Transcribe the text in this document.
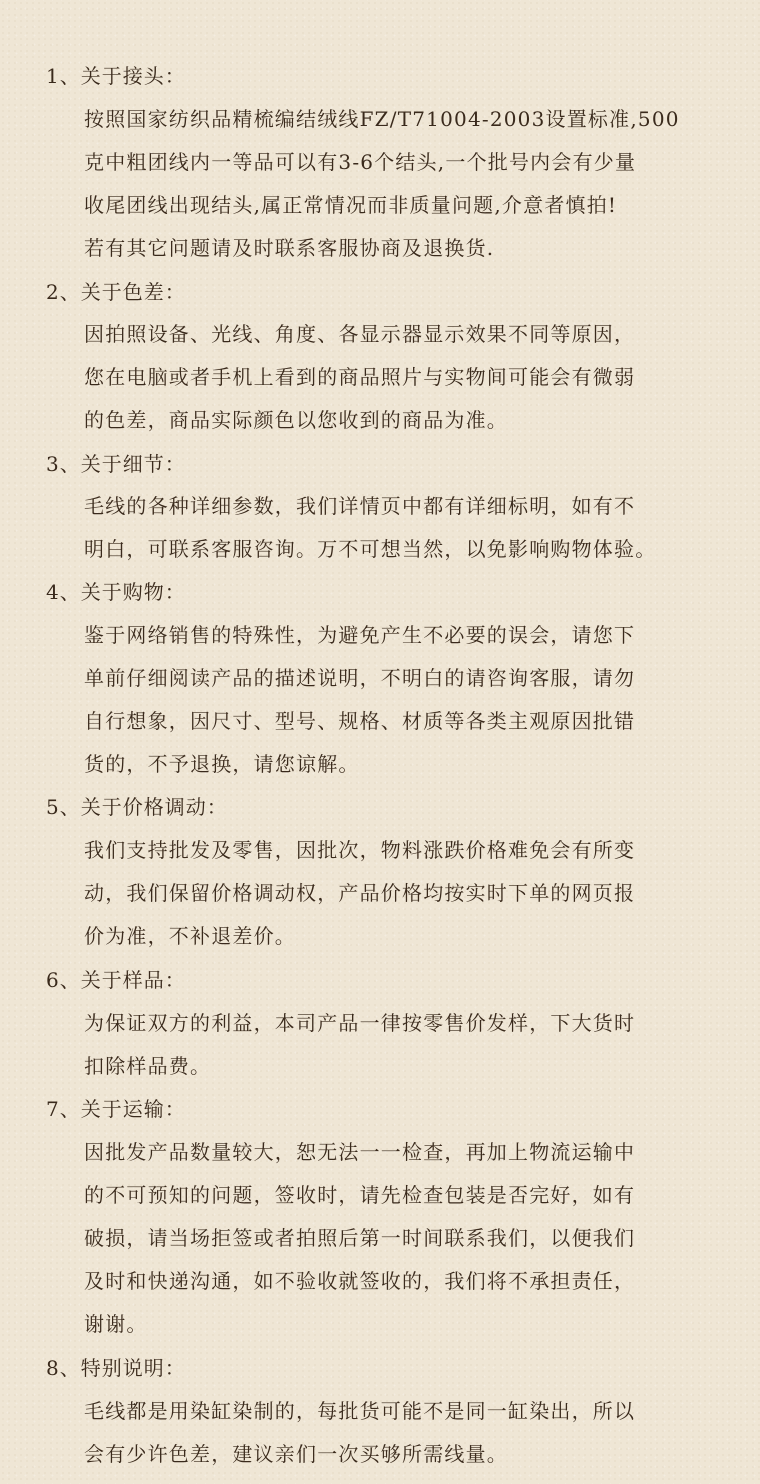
1、关于接头：
按照国家纺织品精梳编结绒线FZ/T71004-2003设置标准,500
克中粗团线内一等品可以有3-6个结头,一个批号内会有少量
收尾团线出现结头,属正常情况而非质量问题,介意者慎拍!
若有其它问题请及时联系客服协商及退换货.
2、关于色差：
因拍照设备、光线、角度、各显示器显示效果不同等原因，
您在电脑或者手机上看到的商品照片与实物间可能会有微弱
的色差，商品实际颜色以您收到的商品为准。
3、关于细节：
毛线的各种详细参数，我们详情页中都有详细标明，如有不
明白，可联系客服咨询。万不可想当然，以免影响购物体验。
4、关于购物：
鉴于网络销售的特殊性，为避免产生不必要的误会，请您下
单前仔细阅读产品的描述说明，不明白的请咨询客服，请勿
自行想象，因尺寸、型号、规格、材质等各类主观原因批错
货的，不予退换，请您谅解。
5、关于价格调动：
我们支持批发及零售，因批次，物料涨跌价格难免会有所变
动，我们保留价格调动权，产品价格均按实时下单的网页报
价为准，不补退差价。
6、关于样品：
为保证双方的利益，本司产品一律按零售价发样，下大货时
扣除样品费。
7、关于运输：
因批发产品数量较大，恕无法一一检查，再加上物流运输中
的不可预知的问题，签收时，请先检查包装是否完好，如有
破损，请当场拒签或者拍照后第一时间联系我们，以便我们
及时和快递沟通，如不验收就签收的，我们将不承担责任，
谢谢。
8、特别说明：
毛线都是用染缸染制的，每批货可能不是同一缸染出，所以
会有少许色差，建议亲们一次买够所需线量。
